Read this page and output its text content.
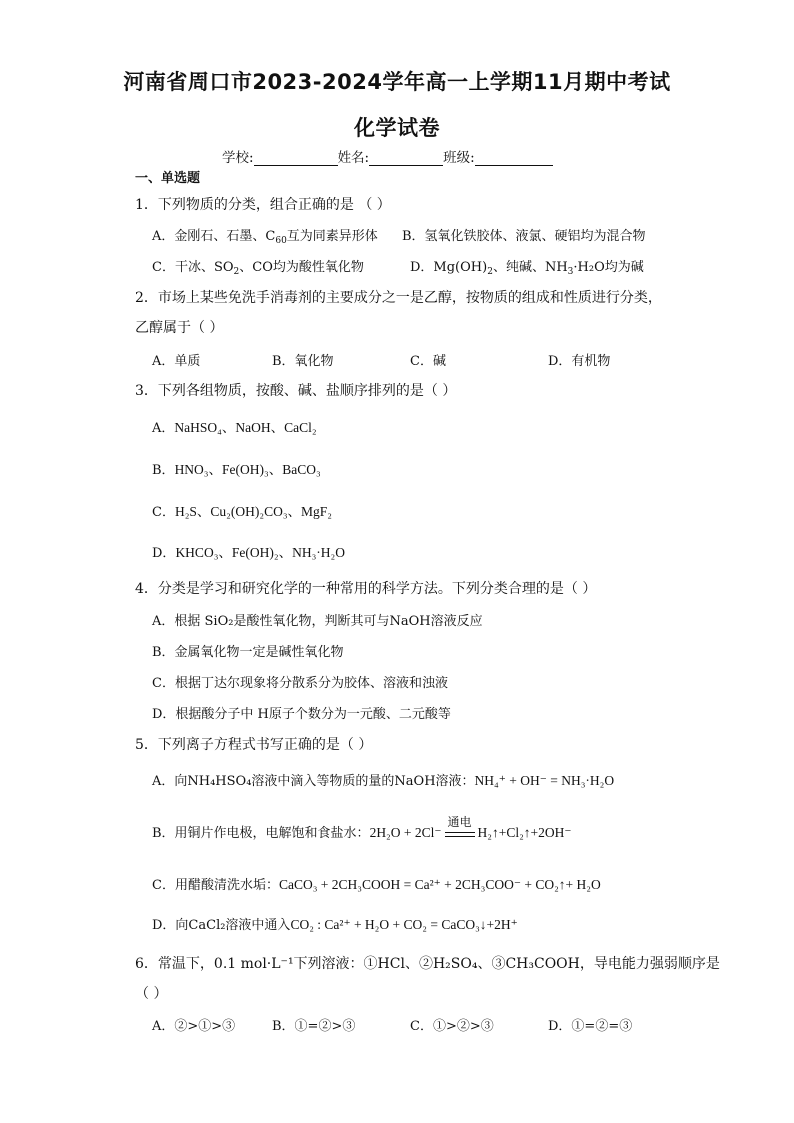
河南省周口市2023-2024学年高一上学期11月期中考试
化学试卷
学校:	姓名:	班级:
一、单选题
1．下列物质的分类，组合正确的是 （ ）
A．金刚石、石墨、$C_{60}$互为同素异形体 B．氢氧化铁胶体、液氯、硬铝均为混合物
C．干冰、$SO_2$、CO均为酸性氧化物	D．$Mg(OH)_2$、纯碱、$NH_3\cdot H_2O$均为碱
2．市场上某些免洗手消毒剂的主要成分之一是乙醇，按物质的组成和性质进行分类，
乙醇属于（ ）
A．单质	B．氧化物	C．碱	D．有机物
3．下列各组物质，按酸、碱、盐顺序排列的是（ ）
A．NaHSO₄、NaOH、CaCl₂
B．HNO₃、Fe(OH)₃、BaCO₃
C．H₂S、Cu₂(OH)₂CO₃、MgF₂
D．KHCO₃、Fe(OH)₂、NH₃·H₂O
4．分类是学习和研究化学的一种常用的科学方法。下列分类合理的是（ ）
A．根据 SiO₂是酸性氧化物，判断其可与NaOH溶液反应
B．金属氧化物一定是碱性氧化物
C．根据丁达尔现象将分散系分为胶体、溶液和浊液
D．根据酸分子中 H原子个数分为一元酸、二元酸等
5．下列离子方程式书写正确的是（ ）
A．向NH₄HSO₄溶液中滴入等物质的量的NaOH溶液：NH₄⁺ + OH⁻ = NH₃·H₂O
B．用铜片作电极，电解饱和食盐水：2H₂O + 2Cl⁻
通电
H₂↑+Cl₂↑+2OH⁻
C．用醋酸清洗水垢：CaCO₃ + 2CH₃COOH = Ca²⁺ + 2CH₃COO⁻ + CO₂↑+ H₂O
D．向CaCl₂溶液中通入CO₂ : Ca²⁺ + H₂O + CO₂ = CaCO₃↓+2H⁺
6．常温下，0.1 mol·L⁻¹下列溶液：①HCl、②H₂SO₄、③CH₃COOH，导电能力强弱顺序是
（ ）
A．②>①>③	B．①=②>③	C．①>②>③	D．①=②=③
